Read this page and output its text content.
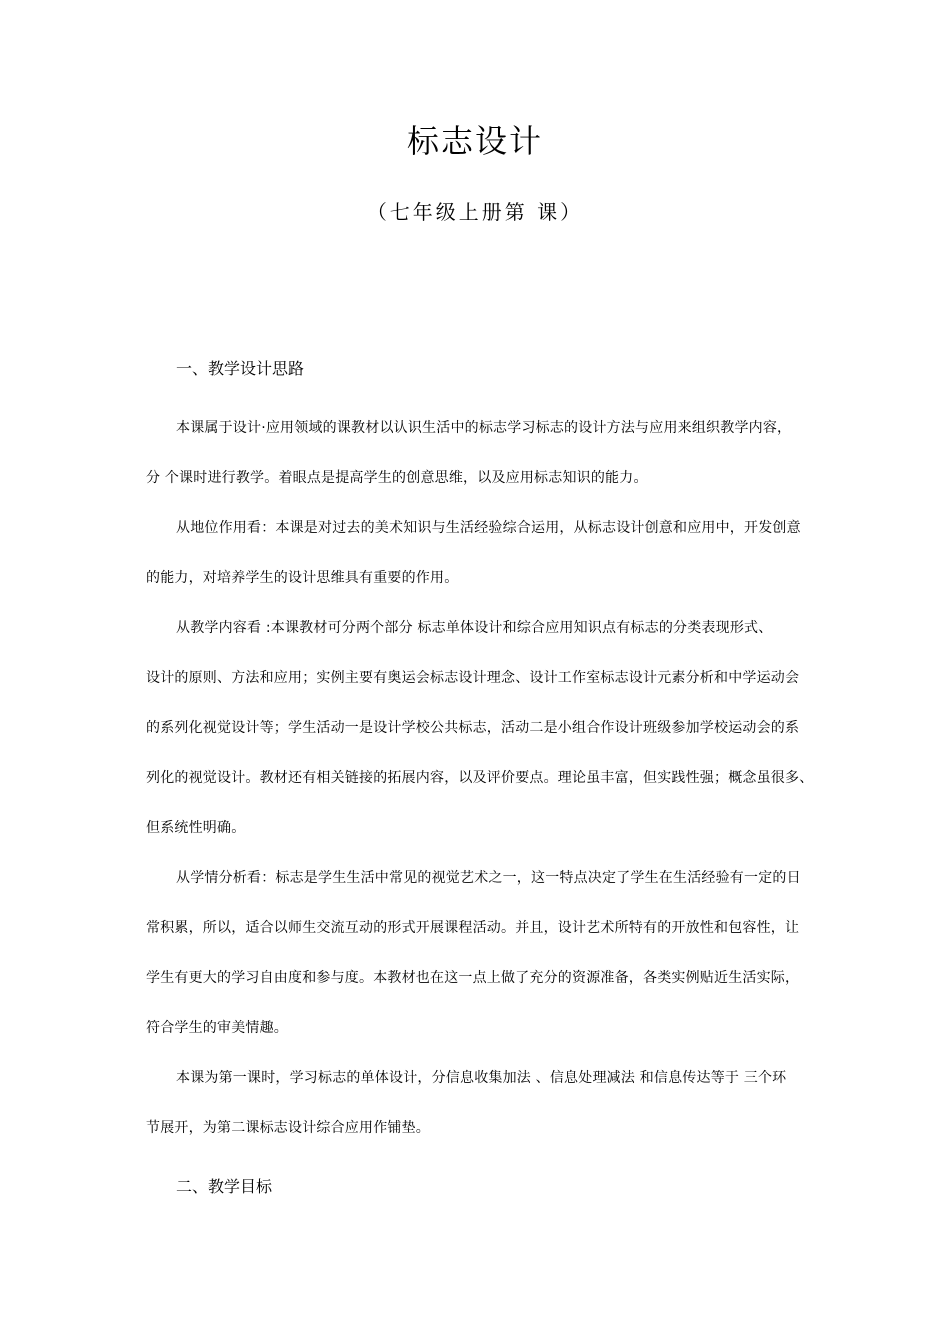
标志设计
（七年级上册第 课）
一、教学设计思路
本课属于设计·应用领域的课教材以认识生活中的标志学习标志的设计方法与应用来组织教学内容，
分 个课时进行教学。着眼点是提高学生的创意思维，以及应用标志知识的能力。
从地位作用看：本课是对过去的美术知识与生活经验综合运用，从标志设计创意和应用中，开发创意
的能力，对培养学生的设计思维具有重要的作用。
从教学内容看 :本课教材可分两个部分 标志单体设计和综合应用知识点有标志的分类表现形式、
设计的原则、方法和应用；实例主要有奥运会标志设计理念、设计工作室标志设计元素分析和中学运动会
的系列化视觉设计等；学生活动一是设计学校公共标志，活动二是小组合作设计班级参加学校运动会的系
列化的视觉设计。教材还有相关链接的拓展内容，以及评价要点。理论虽丰富，但实践性强；概念虽很多、
但系统性明确。
从学情分析看：标志是学生生活中常见的视觉艺术之一，这一特点决定了学生在生活经验有一定的日
常积累，所以，适合以师生交流互动的形式开展课程活动。并且，设计艺术所特有的开放性和包容性，让
学生有更大的学习自由度和参与度。本教材也在这一点上做了充分的资源准备，各类实例贴近生活实际，
符合学生的审美情趣。
本课为第一课时，学习标志的单体设计，分信息收集加法 、信息处理减法 和信息传达等于 三个环
节展开，为第二课标志设计综合应用作铺垫。
二、教学目标
